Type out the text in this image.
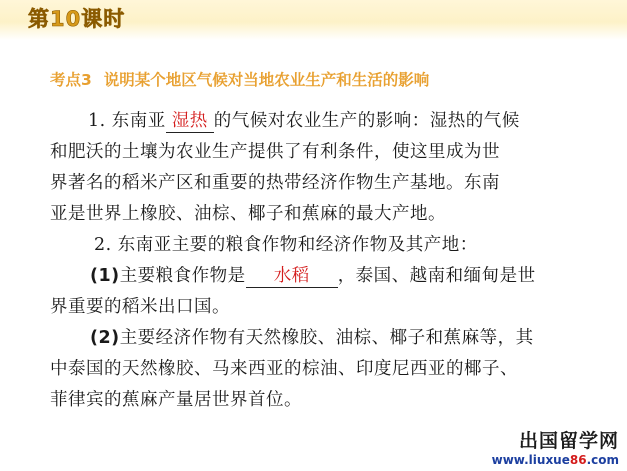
第10课时
考点3 说明某个地区气候对当地农业生产和生活的影响
1. 东南亚 湿热 的气候对农业生产的影响：湿热的气候
和肥沃的土壤为农业生产提供了有利条件，使这里成为世
界著名的稻米产区和重要的热带经济作物生产基地。东南
亚是世界上橡胶、油棕、椰子和蕉麻的最大产地。
2. 东南亚主要的粮食作物和经济作物及其产地：
(1)主要粮食作物是 水稻 ，泰国、越南和缅甸是世
界重要的稻米出口国。
(2)主要经济作物有天然橡胶、油棕、椰子和蕉麻等，其
中泰国的天然橡胶、马来西亚的棕油、印度尼西亚的椰子、
菲律宾的蕉麻产量居世界首位。
出国留学网
www.liuxue86.com
